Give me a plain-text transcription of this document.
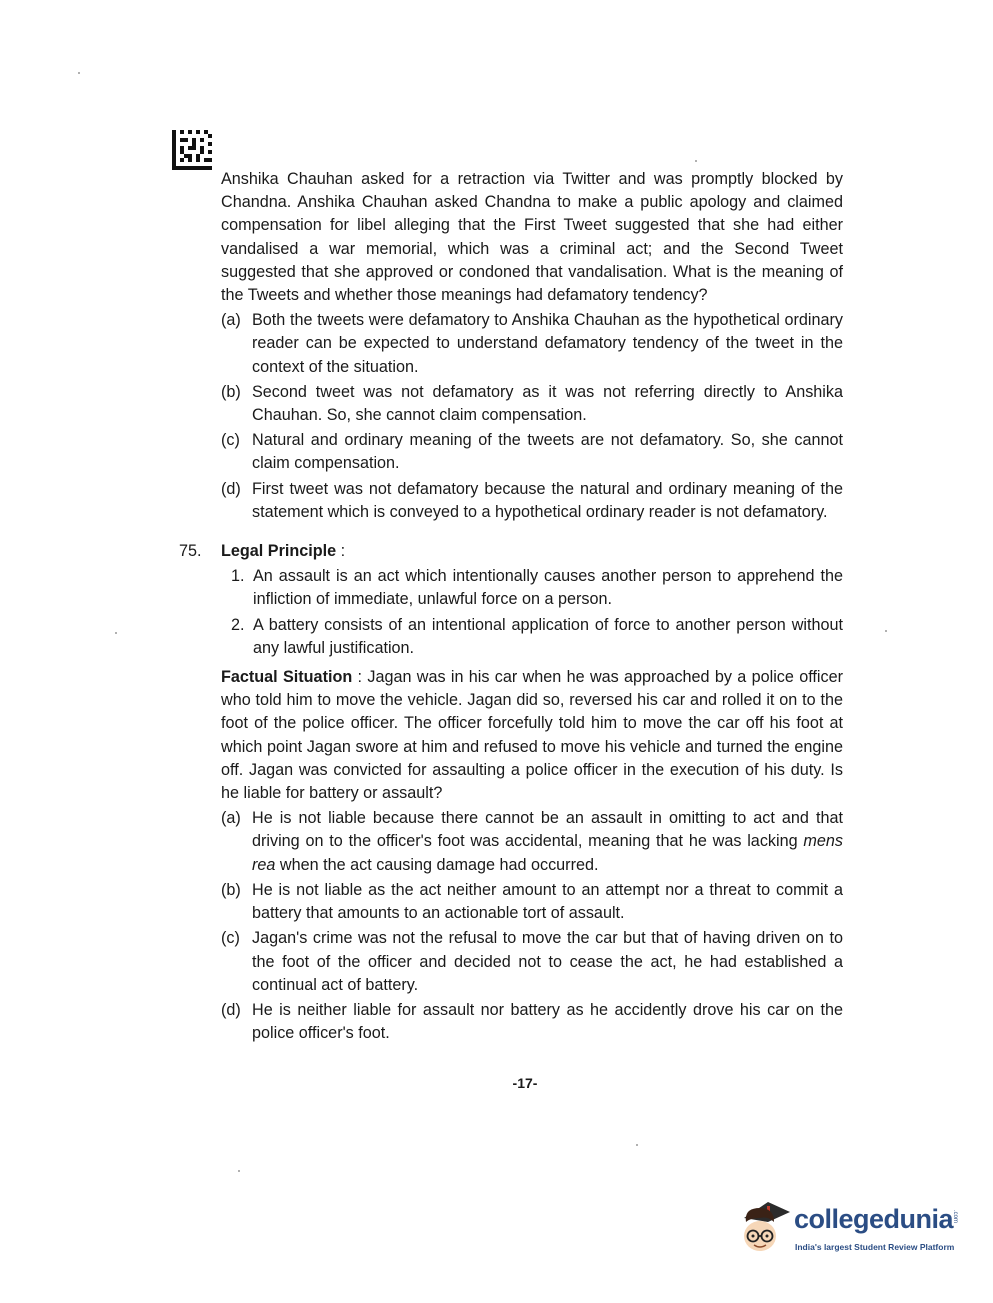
Anshika Chauhan asked for a retraction via Twitter and was promptly blocked by Chandna. Anshika Chauhan asked Chandna to make a public apology and claimed compensation for libel alleging that the First Tweet suggested that she had either vandalised a war memorial, which was a criminal act; and the Second Tweet suggested that she approved or condoned that vandalisation. What is the meaning of the Tweets and whether those meanings had defamatory tendency?

(a) Both the tweets were defamatory to Anshika Chauhan as the hypothetical ordinary reader can be expected to understand defamatory tendency of the tweet in the context of the situation.
(b) Second tweet was not defamatory as it was not referring directly to Anshika Chauhan. So, she cannot claim compensation.
(c) Natural and ordinary meaning of the tweets are not defamatory. So, she cannot claim compensation.
(d) First tweet was not defamatory because the natural and ordinary meaning of the statement which is conveyed to a hypothetical ordinary reader is not defamatory.
75. Legal Principle :
1. An assault is an act which intentionally causes another person to apprehend the infliction of immediate, unlawful force on a person.
2. A battery consists of an intentional application of force to another person without any lawful justification.

Factual Situation : Jagan was in his car when he was approached by a police officer who told him to move the vehicle. Jagan did so, reversed his car and rolled it on to the foot of the police officer. The officer forcefully told him to move the car off his foot at which point Jagan swore at him and refused to move his vehicle and turned the engine off. Jagan was convicted for assaulting a police officer in the execution of his duty. Is he liable for battery or assault?

(a) He is not liable because there cannot be an assault in omitting to act and that driving on to the officer's foot was accidental, meaning that he was lacking mens rea when the act causing damage had occurred.
(b) He is not liable as the act neither amount to an attempt nor a threat to commit a battery that amounts to an actionable tort of assault.
(c) Jagan's crime was not the refusal to move the car but that of having driven on to the foot of the officer and decided not to cease the act, he had established a continual act of battery.
(d) He is neither liable for assault nor battery as he accidently drove his car on the police officer's foot.
-17-
collegedunia
.com
India's largest Student Review Platform
